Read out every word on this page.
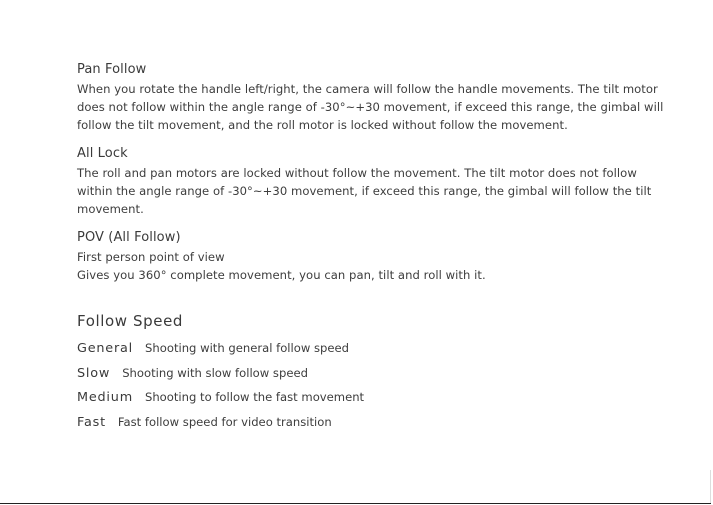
Pan Follow
When you rotate the handle left/right, the camera will follow the handle movements. The tilt motor
does not follow within the angle range of -30°~+30 movement, if exceed this range, the gimbal will
follow the tilt movement, and the roll motor is locked without follow the movement.
All Lock
The roll and pan motors are locked without follow the movement. The tilt motor does not follow
within the angle range of -30°~+30 movement, if exceed this range, the gimbal will follow the tilt
movement.
POV (All Follow)
First person point of view
Gives you 360° complete movement, you can pan, tilt and roll with it.
Follow Speed
General Shooting with general follow speed
Slow Shooting with slow follow speed
Medium Shooting to follow the fast movement
Fast Fast follow speed for video transition
